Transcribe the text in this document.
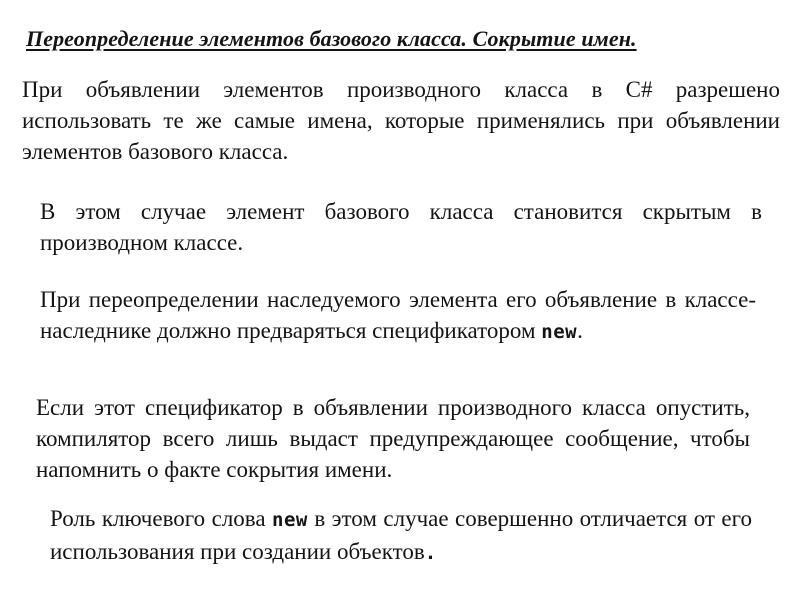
Переопределение элементов базового класса. Сокрытие имен.
При объявлении элементов производного класса в C# разрешено использовать те же самые имена, которые применялись при объявлении элементов базового класса.
В этом случае элемент базового класса становится скрытым в производном классе.
При переопределении наследуемого элемента его объявление в классе-наследнике должно предваряться спецификатором new.
Если этот спецификатор в объявлении производного класса опустить, компилятор всего лишь выдаст предупреждающее сообщение, чтобы напомнить о факте сокрытия имени.
Роль ключевого слова new в этом случае совершенно отличается от его использования при создании объектов.
